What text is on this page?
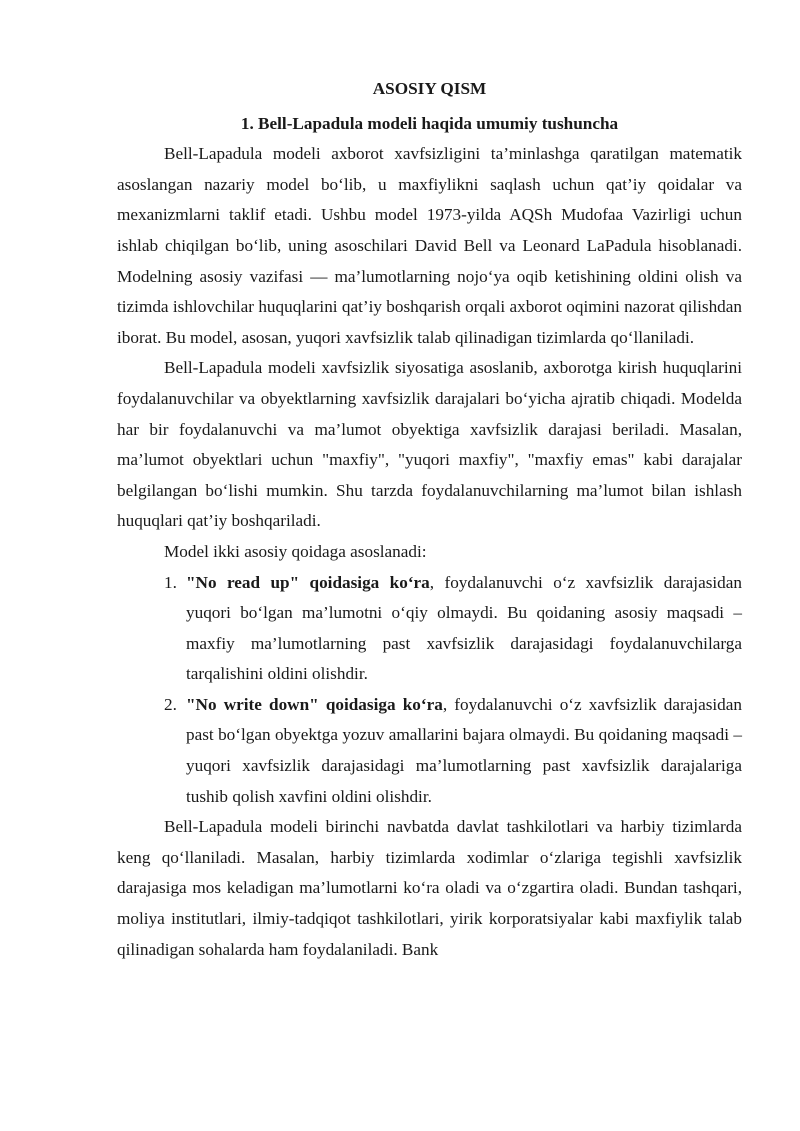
ASOSIY QISM

1. Bell-Lapadula modeli haqida umumiy tushuncha

Bell-Lapadula modeli axborot xavfsizligini ta’minlashga qaratilgan matematik asoslangan nazariy model bo‘lib, u maxfiylikni saqlash uchun qat’iy qoidalar va mexanizmlarni taklif etadi. Ushbu model 1973-yilda AQSh Mudofaa Vazirligi uchun ishlab chiqilgan bo‘lib, uning asoschilari David Bell va Leonard LaPadula hisoblanadi. Modelning asosiy vazifasi — ma’lumotlarning nojo‘ya oqib ketishining oldini olish va tizimda ishlovchilar huquqlarini qat’iy boshqarish orqali axborot oqimini nazorat qilishdan iborat. Bu model, asosan, yuqori xavfsizlik talab qilinadigan tizimlarda qo‘llaniladi.

Bell-Lapadula modeli xavfsizlik siyosatiga asoslanib, axborotga kirish huquqlarini foydalanuvchilar va obyektlarning xavfsizlik darajalari bo‘yicha ajratib chiqadi. Modelda har bir foydalanuvchi va ma’lumot obyektiga xavfsizlik darajasi beriladi. Masalan, ma’lumot obyektlari uchun "maxfiy", "yuqori maxfiy", "maxfiy emas" kabi darajalar belgilangan bo‘lishi mumkin. Shu tarzda foydalanuvchilarning ma’lumot bilan ishlash huquqlari qat’iy boshqariladi.

Model ikki asosiy qoidaga asoslanadi:

1. "No read up" qoidasiga ko‘ra, foydalanuvchi o‘z xavfsizlik darajasidan yuqori bo‘lgan ma’lumotni o‘qiy olmaydi. Bu qoidaning asosiy maqsadi – maxfiy ma’lumotlarning past xavfsizlik darajasidagi foydalanuvchilarga tarqalishini oldini olishdir.
2. "No write down" qoidasiga ko‘ra, foydalanuvchi o‘z xavfsizlik darajasidan past bo‘lgan obyektga yozuv amallarini bajara olmaydi. Bu qoidaning maqsadi – yuqori xavfsizlik darajasidagi ma’lumotlarning past xavfsizlik darajalariga tushib qolish xavfini oldini olishdir.

Bell-Lapadula modeli birinchi navbatda davlat tashkilotlari va harbiy tizimlarda keng qo‘llaniladi. Masalan, harbiy tizimlarda xodimlar o‘zlariga tegishli xavfsizlik darajasiga mos keladigan ma’lumotlarni ko‘ra oladi va o‘zgartira oladi. Bundan tashqari, moliya institutlari, ilmiy-tadqiqot tashkilotlari, yirik korporatsiyalar kabi maxfiylik talab qilinadigan sohalarda ham foydalaniladi. Bank
